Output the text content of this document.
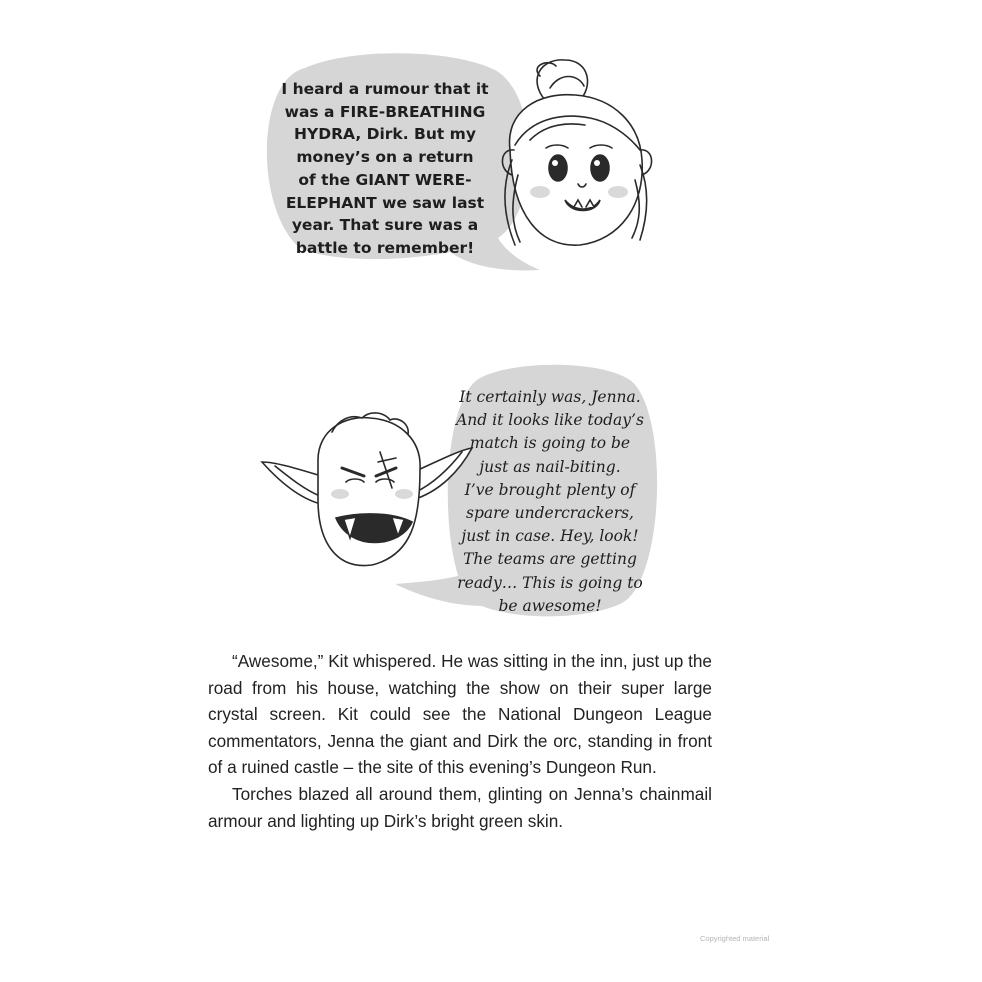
I heard a rumour that it
was a FIRE-BREATHING
HYDRA, Dirk. But my
money’s on a return
of the GIANT WERE-
ELEPHANT we saw last
year. That sure was a
battle to remember!
It certainly was, Jenna.
And it looks like today’s
match is going to be
just as nail-biting.
I’ve brought plenty of
spare undercrackers,
just in case. Hey, look!
The teams are getting
ready… This is going to
be awesome!

“Awesome,” Kit whispered. He was sitting in the inn, just up the road from his house, watching the show on their super large crystal screen. Kit could see the National Dungeon League commentators, Jenna the giant and Dirk the orc, standing in front of a ruined castle – the site of this evening’s Dungeon Run.

Torches blazed all around them, glinting on Jenna’s chainmail armour and lighting up Dirk’s bright green skin.

Copyrighted material
